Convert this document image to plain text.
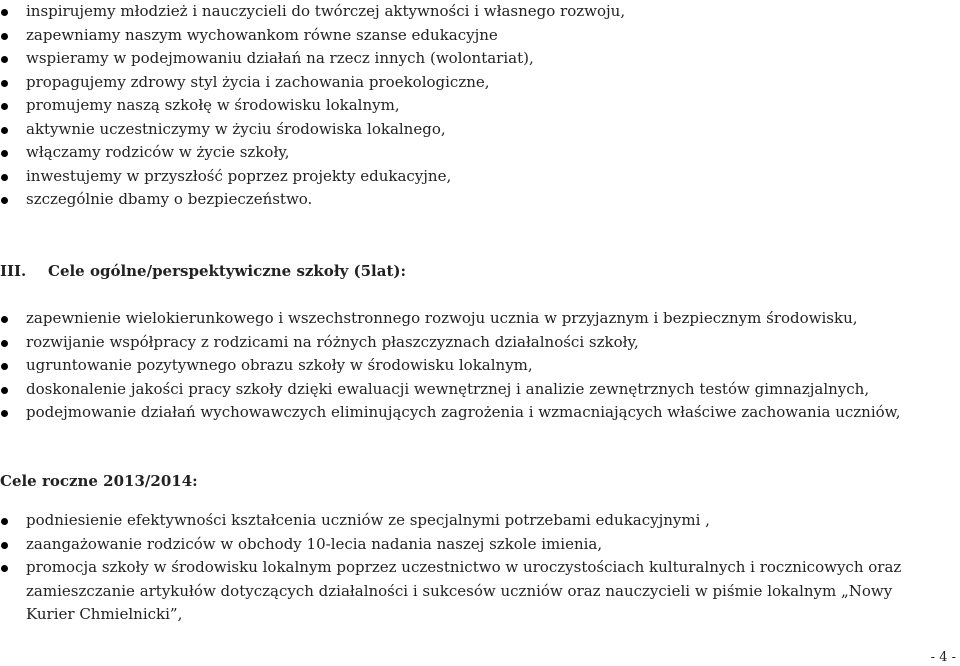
inspirujemy młodzież i nauczycieli do twórczej aktywności i własnego rozwoju,
zapewniamy naszym wychowankom równe szanse edukacyjne
wspieramy w podejmowaniu działań na rzecz innych (wolontariat),
propagujemy zdrowy styl życia i zachowania proekologiczne,
promujemy naszą szkołę w środowisku lokalnym,
aktywnie uczestniczymy w życiu środowiska lokalnego,
włączamy rodziców w życie szkoły,
inwestujemy w przyszłość poprzez projekty edukacyjne,
szczególnie dbamy o bezpieczeństwo.
III. Cele ogólne/perspektywiczne szkoły (5lat):
zapewnienie wielokierunkowego i wszechstronnego rozwoju ucznia w przyjaznym i bezpiecznym środowisku,
rozwijanie współpracy z rodzicami na różnych płaszczyznach działalności szkoły,
ugruntowanie pozytywnego obrazu szkoły w środowisku lokalnym,
doskonalenie jakości pracy szkoły dzięki ewaluacji wewnętrznej i analizie zewnętrznych testów gimnazjalnych,
podejmowanie działań wychowawczych eliminujących zagrożenia i wzmacniających właściwe zachowania uczniów,
Cele roczne 2013/2014:
podniesienie efektywności kształcenia uczniów ze specjalnymi potrzebami edukacyjnymi ,
zaangażowanie rodziców w obchody 10-lecia nadania naszej szkole imienia,
promocja szkoły w środowisku lokalnym poprzez uczestnictwo w uroczystościach kulturalnych i rocznicowych oraz zamieszczanie artykułów dotyczących działalności i sukcesów uczniów oraz nauczycieli w piśmie lokalnym „Nowy Kurier Chmielnicki”,
- 4 -
